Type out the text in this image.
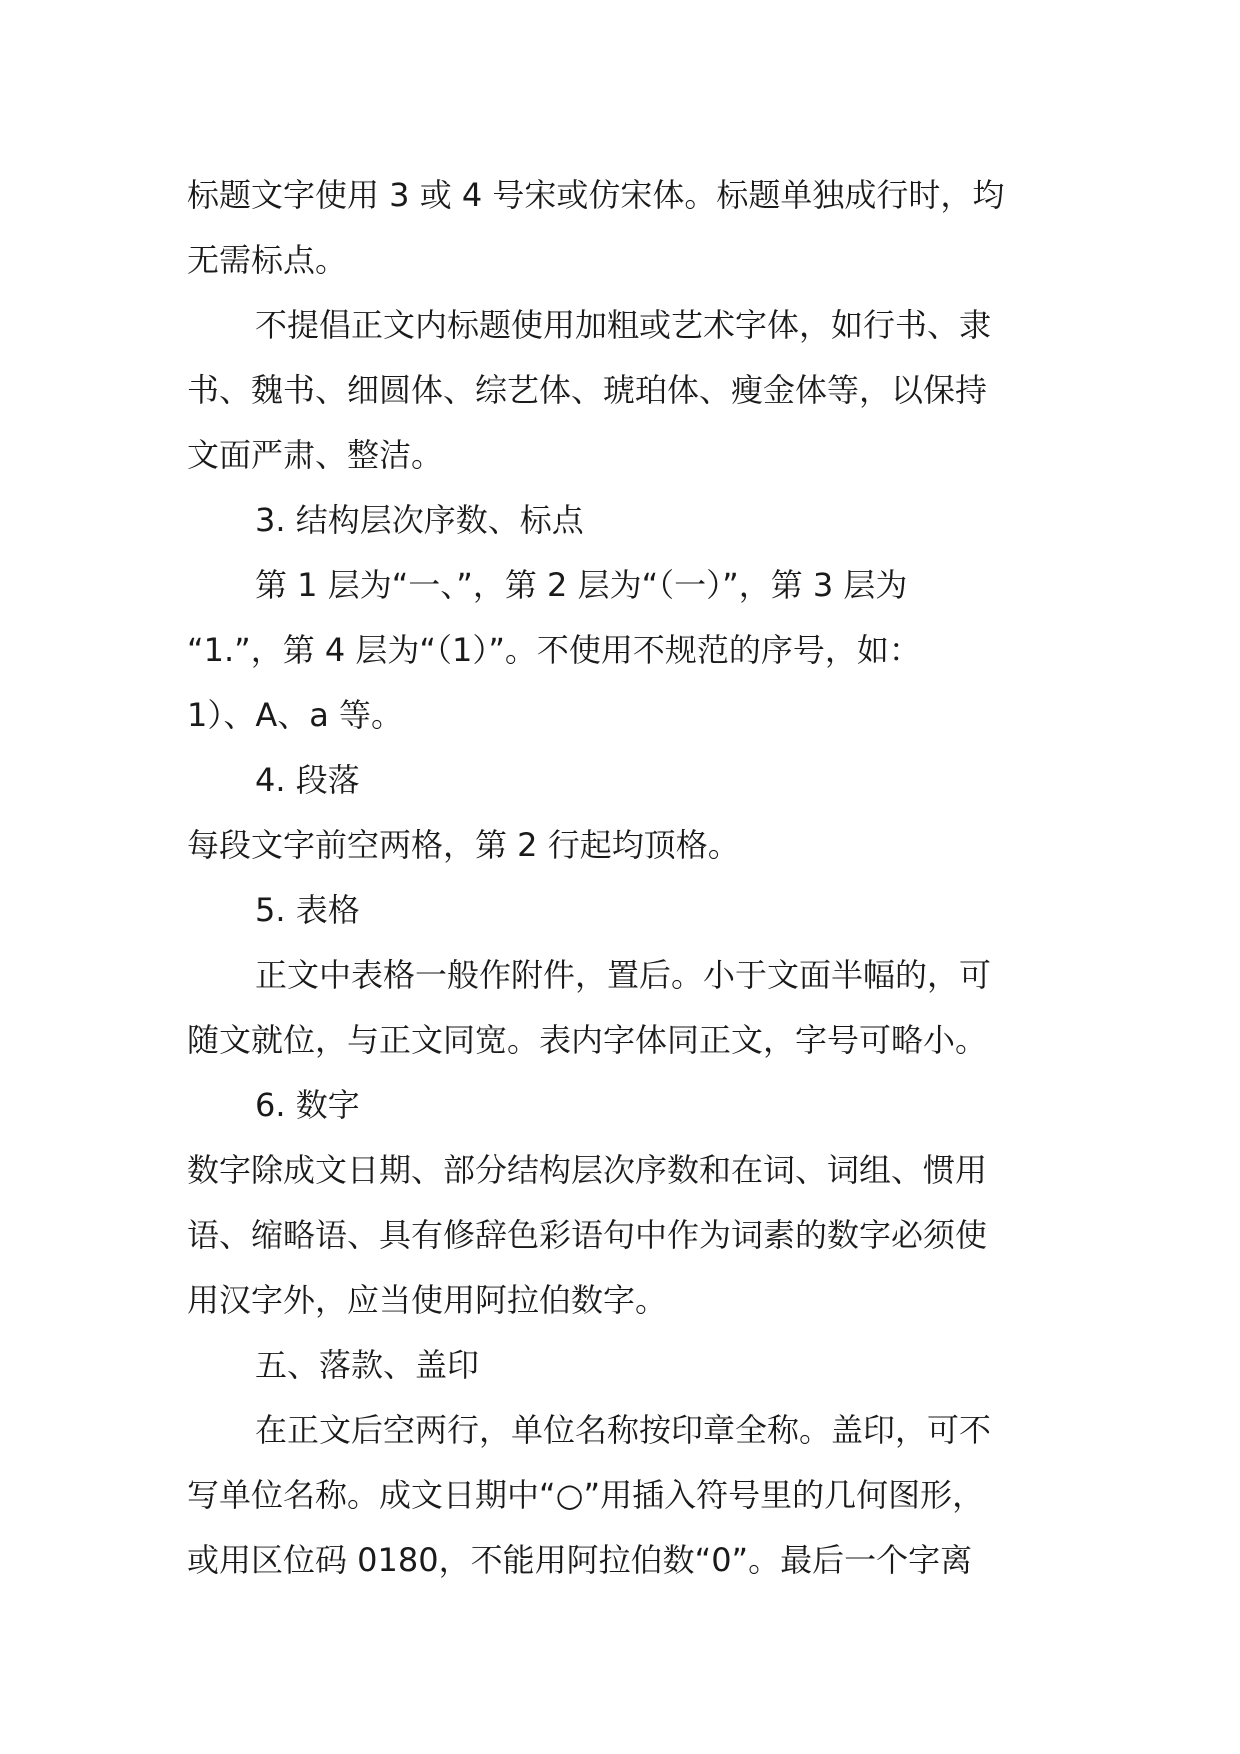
标题文字使用 3 或 4 号宋或仿宋体。标题单独成行时，均
无需标点。
不提倡正文内标题使用加粗或艺术字体，如行书、隶
书、魏书、细圆体、综艺体、琥珀体、瘦金体等，以保持
文面严肃、整洁。
3. 结构层次序数、标点
第 1 层为“一、”，第 2 层为“（一）”，第 3 层为
“1.”，第 4 层为“（1）”。不使用不规范的序号，如：
1）、A、a 等。
4. 段落
每段文字前空两格，第 2 行起均顶格。
5. 表格
正文中表格一般作附件，置后。小于文面半幅的，可
随文就位，与正文同宽。表内字体同正文，字号可略小。
6. 数字
数字除成文日期、部分结构层次序数和在词、词组、惯用
语、缩略语、具有修辞色彩语句中作为词素的数字必须使
用汉字外，应当使用阿拉伯数字。
五、落款、盖印
在正文后空两行，单位名称按印章全称。盖印，可不
写单位名称。成文日期中“○”用插入符号里的几何图形，
或用区位码 0180，不能用阿拉伯数“0”。最后一个字离
